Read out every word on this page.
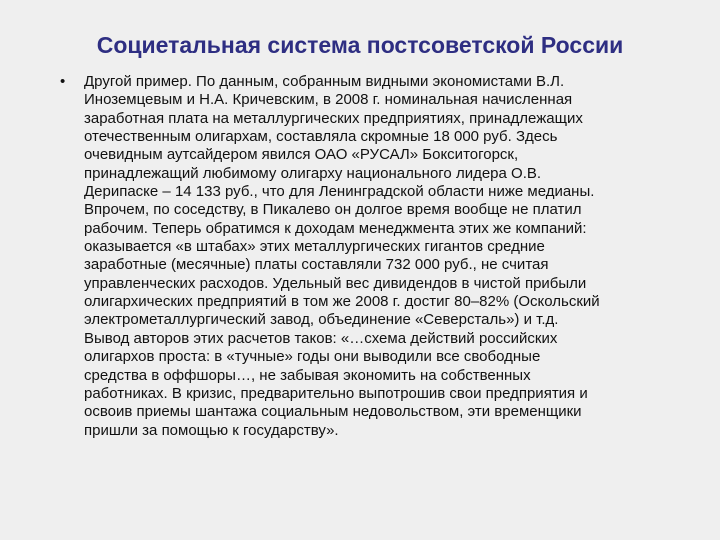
Социетальная система постсоветской России
•	Другой пример. По данным, собранным видными экономистами В.Л.
Иноземцевым и Н.А. Кричевским, в 2008 г. номинальная начисленная
заработная плата на металлургических предприятиях, принадлежащих
отечественным олигархам, составляла скромные 18 000 руб. Здесь
очевидным аутсайдером явился ОАО «РУСАЛ» Бокситогорск,
принадлежащий любимому олигарху национального лидера О.В.
Дерипаске – 14 133 руб., что для Ленинградской области ниже медианы.
Впрочем, по соседству, в Пикалево он долгое время вообще не платил
рабочим. Теперь обратимся к доходам менеджмента этих же компаний:
оказывается «в штабах» этих металлургических гигантов средние
заработные (месячные) платы составляли 732 000 руб., не считая
управленческих расходов. Удельный вес дивидендов в чистой прибыли
олигархических предприятий в том же 2008 г. достиг 80–82% (Оскольский
электрометаллургический завод, объединение «Северсталь») и т.д.
Вывод авторов этих расчетов таков: «…схема действий российских
олигархов проста: в «тучные» годы они выводили все свободные
средства в оффшоры…, не забывая экономить на собственных
работниках. В кризис, предварительно выпотрошив свои предприятия и
освоив приемы шантажа социальным недовольством, эти временщики
пришли за помощью к государству».
